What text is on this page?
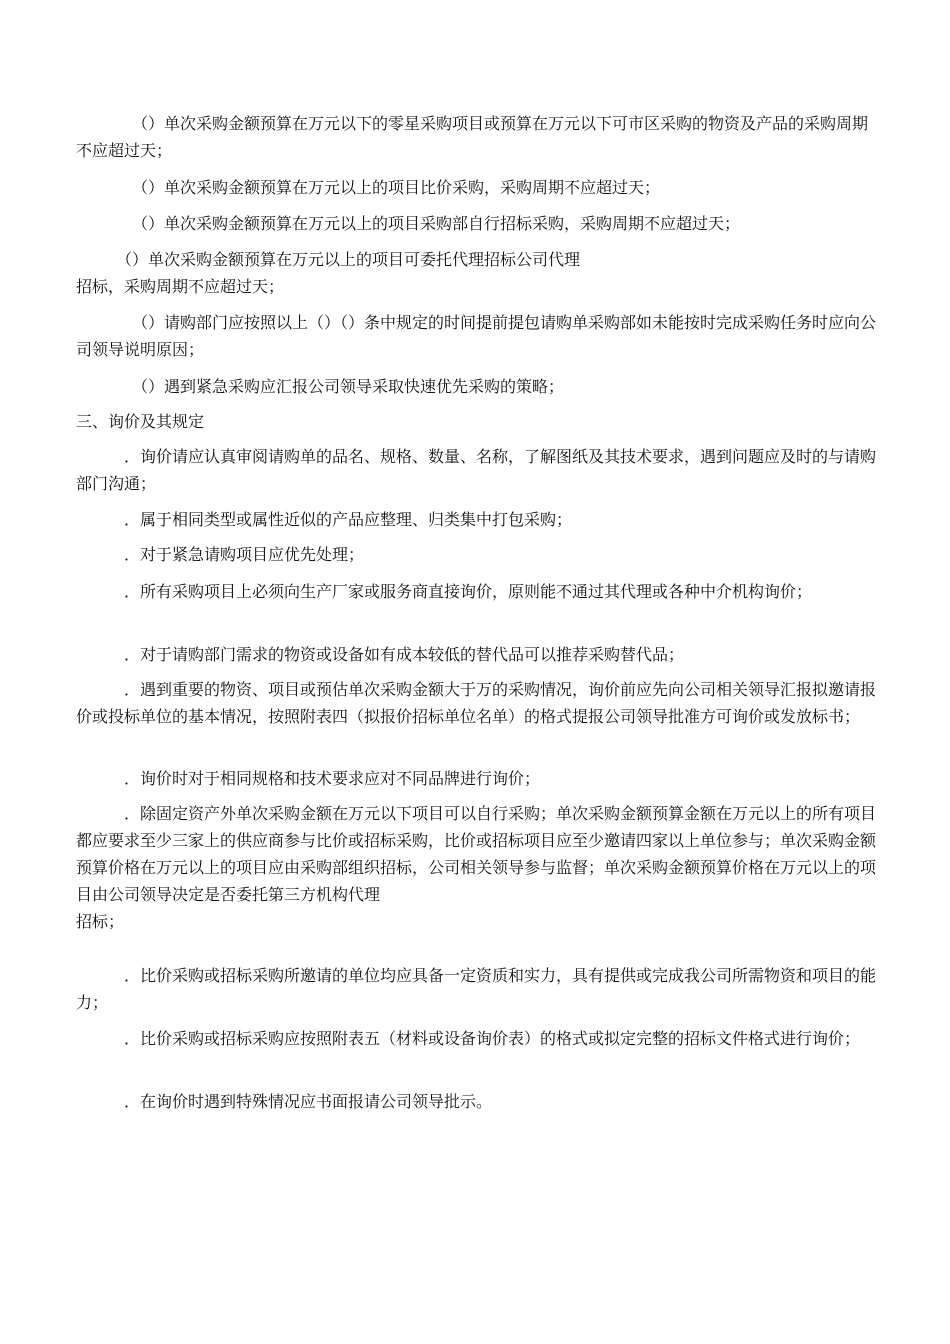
　　　　（）单次采购金额预算在万元以下的零星采购项目或预算在万元以下可市区采购的物资及产品的采购周期不应超过天；

　　　　（）单次采购金额预算在万元以上的项目比价采购，采购周期不应超过天；

　　　　（）单次采购金额预算在万元以上的项目采购部自行招标采购，采购周期不应超过天；

　　　（）单次采购金额预算在万元以上的项目可委托代理招标公司代理
招标，采购周期不应超过天；

　　　　（）请购部门应按照以上（）（）条中规定的时间提前提包请购单采购部如未能按时完成采购任务时应向公司领导说明原因；

　　　　（）遇到紧急采购应汇报公司领导采取快速优先采购的策略；

三、询价及其规定

　　　．询价请应认真审阅请购单的品名、规格、数量、名称，了解图纸及其技术要求，遇到问题应及时的与请购部门沟通；

　　　．属于相同类型或属性近似的产品应整理、归类集中打包采购；

　　　．对于紧急请购项目应优先处理；

　　　．所有采购项目上必须向生产厂家或服务商直接询价，原则能不通过其代理或各种中介机构询价；

　　　．对于请购部门需求的物资或设备如有成本较低的替代品可以推荐采购替代品；

　　　．遇到重要的物资、项目或预估单次采购金额大于万的采购情况，询价前应先向公司相关领导汇报拟邀请报价或投标单位的基本情况，按照附表四（拟报价招标单位名单）的格式提报公司领导批准方可询价或发放标书；

　　　．询价时对于相同规格和技术要求应对不同品牌进行询价；

　　　．除固定资产外单次采购金额在万元以下项目可以自行采购；单次采购金额预算金额在万元以上的所有项目都应要求至少三家上的供应商参与比价或招标采购，比价或招标项目应至少邀请四家以上单位参与；单次采购金额预算价格在万元以上的项目应由采购部组织招标，公司相关领导参与监督；单次采购金额预算价格在万元以上的项目由公司领导决定是否委托第三方机构代理
招标；

　　　．比价采购或招标采购所邀请的单位均应具备一定资质和实力，具有提供或完成我公司所需物资和项目的能力；

　　　．比价采购或招标采购应按照附表五（材料或设备询价表）的格式或拟定完整的招标文件格式进行询价；

　　　．在询价时遇到特殊情况应书面报请公司领导批示。
